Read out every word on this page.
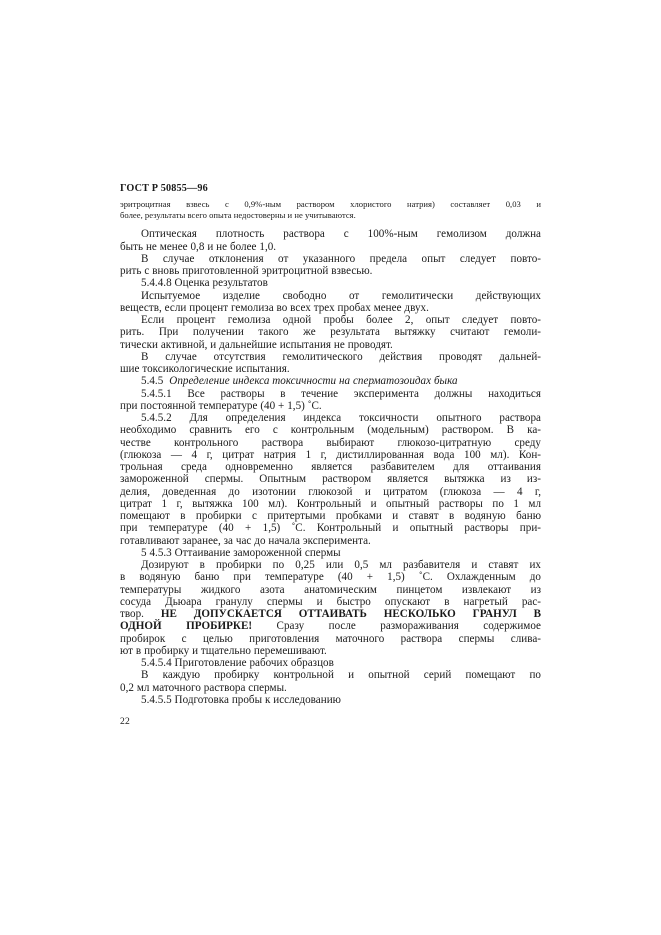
ГОСТ Р 50855—96

эритроцитная взвесь с 0,9%-ным раствором хлористого натрия) составляет 0,03 и
более, результаты всего опыта недостоверны и не учитываются.

Оптическая плотность раствора с 100%-ным гемолизом должна
быть не менее 0,8 и не более 1,0.

В случае отклонения от указанного предела опыт следует повто-
рить с вновь приготовленной эритроцитной взвесью.

5.4.4.8 Оценка результатов

Испытуемое изделие свободно от гемолитически действующих
веществ, если процент гемолиза во всех трех пробах менее двух.

Если процент гемолиза одной пробы более 2, опыт следует повто-
рить. При получении такого же результата вытяжку считают гемоли-
тически активной, и дальнейшие испытания не проводят.

В случае отсутствия гемолитического действия проводят дальней-
шие токсикологические испытания.

5.4.5 Определение индекса токсичности на сперматозоидах быка

5.4.5.1 Все растворы в течение эксперимента должны находиться
при постоянной температуре (40 + 1,5) ˚С.

5.4.5.2 Для определения индекса токсичности опытного раствора
необходимо сравнить его с контрольным (модельным) раствором. В ка-
честве контрольного раствора выбирают глюкозо-цитратную среду
(глюкоза — 4 г, цитрат натрия 1 г, дистиллированная вода 100 мл). Кон-
трольная среда одновременно является разбавителем для оттаивания
замороженной спермы. Опытным раствором является вытяжка из из-
делия, доведенная до изотонии глюкозой и цитратом (глюкоза — 4 г,
цитрат 1 г, вытяжка 100 мл). Контрольный и опытный растворы по 1 мл
помещают в пробирки с притертыми пробками и ставят в водяную баню
при температуре (40 + 1,5) ˚С. Контрольный и опытный растворы при-
готавливают заранее, за час до начала эксперимента.

5 4.5.3 Оттаивание замороженной спермы

Дозируют в пробирки по 0,25 или 0,5 мл разбавителя и ставят их
в водяную баню при температуре (40 + 1,5) ˚С. Охлажденным до
температуры жидкого азота анатомическим пинцетом извлекают из
сосуда Дьюара гранулу спермы и быстро опускают в нагретый рас-
твор. НЕ ДОПУСКАЕТСЯ ОТТАИВАТЬ НЕСКОЛЬКО ГРАНУЛ В
ОДНОЙ ПРОБИРКЕ! Сразу после размораживания содержимое
пробирок с целью приготовления маточного раствора спермы слива-
ют в пробирку и тщательно перемешивают.

5.4.5.4 Приготовление рабочих образцов

В каждую пробирку контрольной и опытной серий помещают по
0,2 мл маточного раствора спермы.

5.4.5.5 Подготовка пробы к исследованию

22
